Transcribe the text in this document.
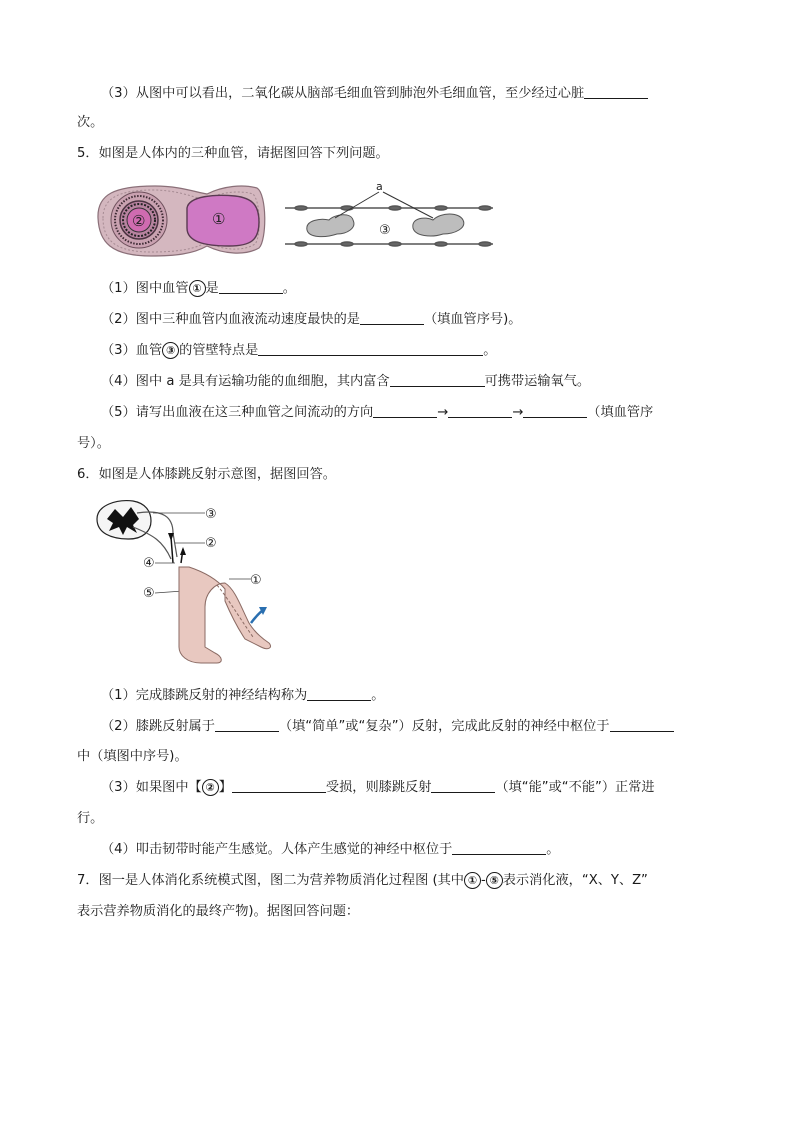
（3）从图中可以看出，二氧化碳从脑部毛细血管到肺泡外毛细血管，至少经过心脏
次。
5．如图是人体内的三种血管，请据图回答下列问题。
②	①
a
③
（1）图中血管 ① 是	。
（2）图中三种血管内血液流动速度最快的是	（填血管序号)。
（3）血管 ③ 的管壁特点是	。
（4）图中 a 是具有运输功能的血细胞，其内富含	可携带运输氧气。
（5）请写出血液在这三种血管之间流动的方向	→	→	（填血管序
号）。
6．如图是人体膝跳反射示意图，据图回答。
③
②
④
⑤
①
（1）完成膝跳反射的神经结构称为	。
（2）膝跳反射属于	（填“简单”或“复杂”）反射，完成此反射的神经中枢位于
中（填图中序号)。
（3）如果图中【 ② 】	受损，则膝跳反射	（填“能”或“不能”）正常进
行。
（4）叩击韧带时能产生感觉。人体产生感觉的神经中枢位于	。
7．图一是人体消化系统模式图，图二为营养物质消化过程图 (其中 ① - ⑤ 表示消化液，“X、Y、Z”
表示营养物质消化的最终产物)。据图回答问题：
